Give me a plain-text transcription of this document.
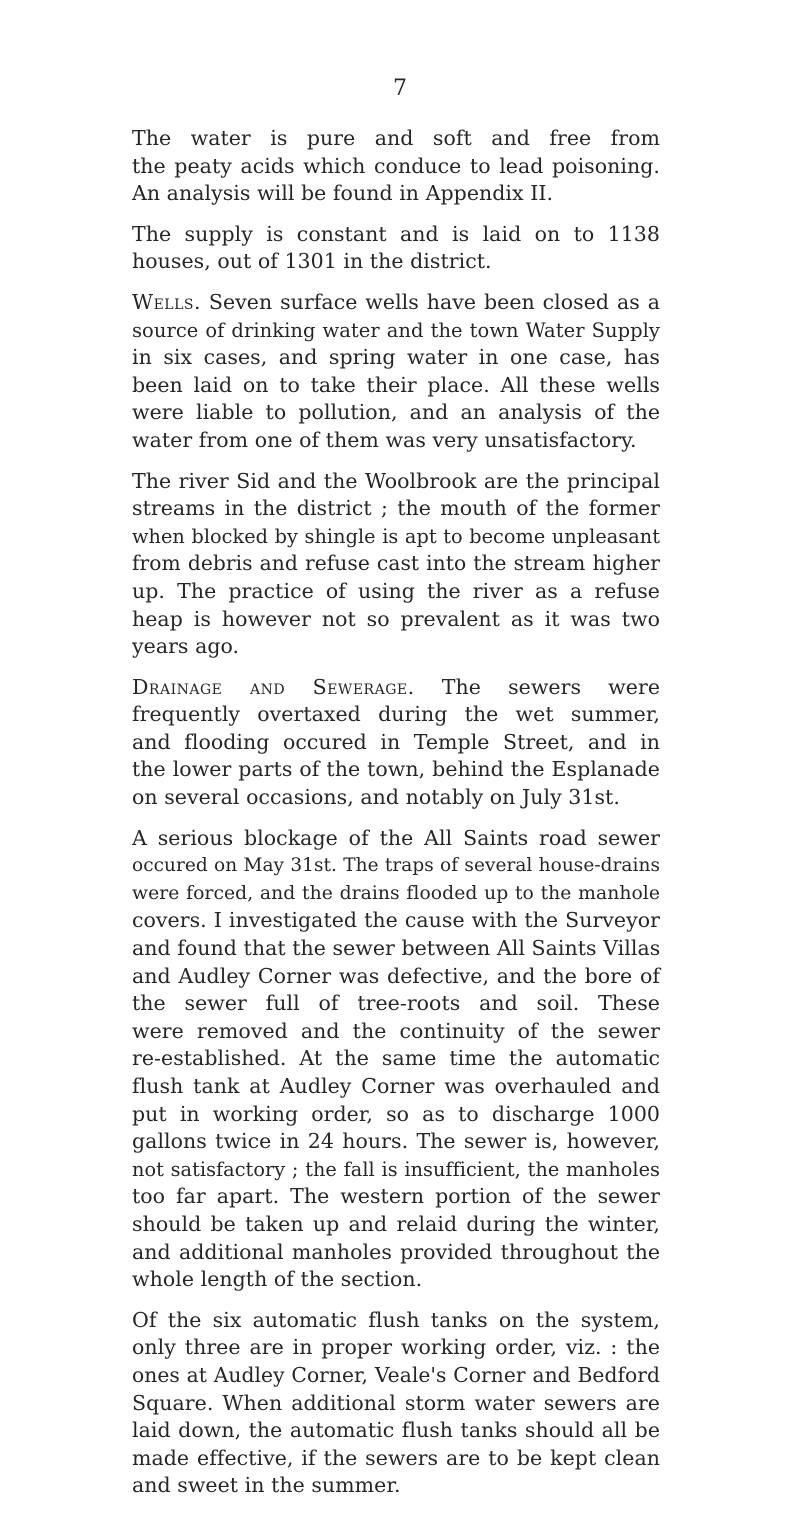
7
The water is pure and soft and free from
the peaty acids which conduce to lead poisoning.
An analysis will be found in Appendix II.
The supply is constant and is laid on to 1138
houses, out of 1301 in the district.
Wells. Seven surface wells have been closed as a
source of drinking water and the town Water Supply
in six cases, and spring water in one case, has
been laid on to take their place. All these wells
were liable to pollution, and an analysis of the
water from one of them was very unsatisfactory.
The river Sid and the Woolbrook are the principal
streams in the district ; the mouth of the former
when blocked by shingle is apt to become unpleasant
from debris and refuse cast into the stream higher
up. The practice of using the river as a refuse
heap is however not so prevalent as it was two
years ago.
Drainage and Sewerage. The sewers were
frequently overtaxed during the wet summer,
and flooding occured in Temple Street, and in
the lower parts of the town, behind the Esplanade
on several occasions, and notably on July 31st.
A serious blockage of the All Saints road sewer
occured on May 31st. The traps of several house-drains
were forced, and the drains flooded up to the manhole
covers. I investigated the cause with the Surveyor
and found that the sewer between All Saints Villas
and Audley Corner was defective, and the bore of
the sewer full of tree-roots and soil. These
were removed and the continuity of the sewer
re-established. At the same time the automatic
flush tank at Audley Corner was overhauled and
put in working order, so as to discharge 1000
gallons twice in 24 hours. The sewer is, however,
not satisfactory ; the fall is insufficient, the manholes
too far apart. The western portion of the sewer
should be taken up and relaid during the winter,
and additional manholes provided throughout the
whole length of the section.
Of the six automatic flush tanks on the system,
only three are in proper working order, viz. : the
ones at Audley Corner, Veale's Corner and Bedford
Square. When additional storm water sewers are
laid down, the automatic flush tanks should all be
made effective, if the sewers are to be kept clean
and sweet in the summer.
